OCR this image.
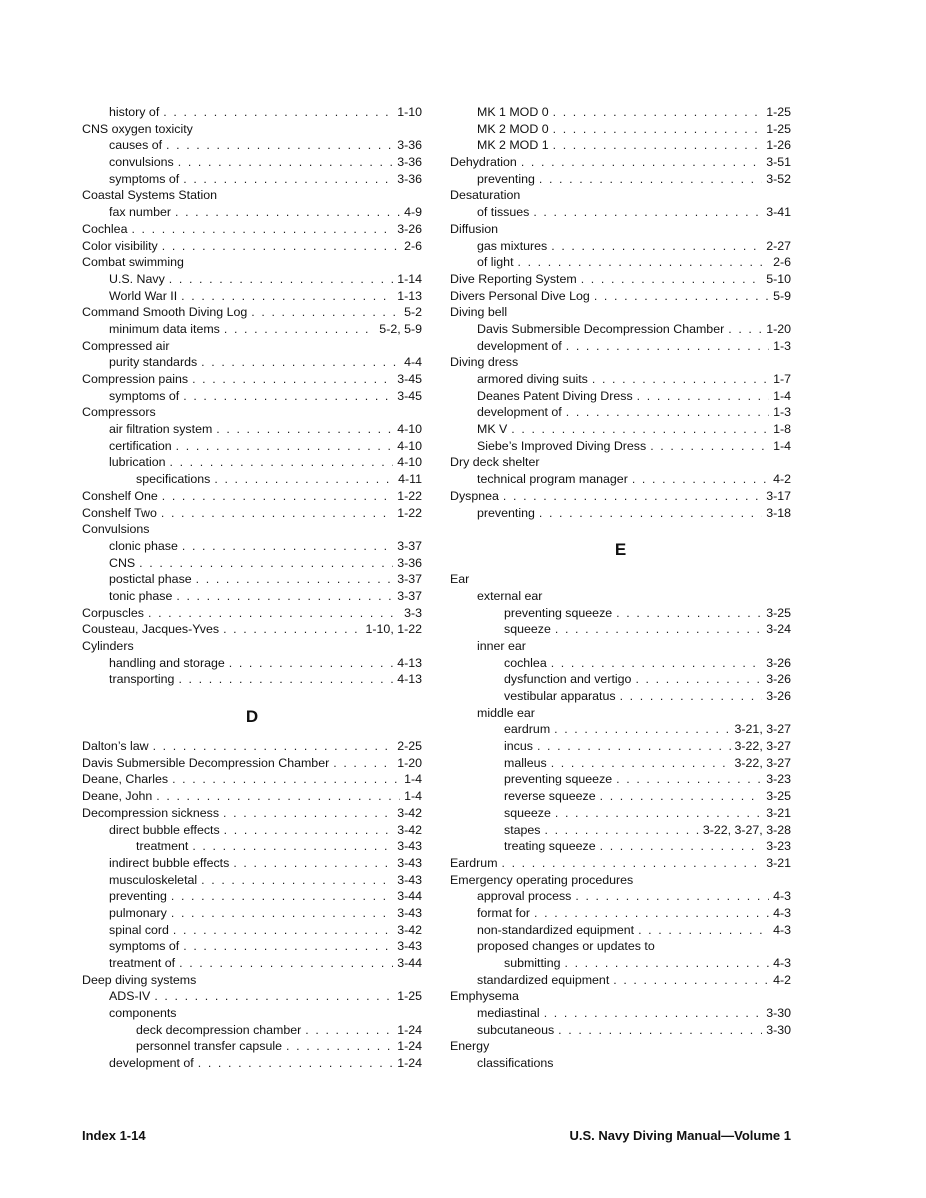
history of . . .	1-10
CNS oxygen toxicity
causes of . . .	3-36
convulsions . . .	3-36
symptoms of . . .	3-36
Coastal Systems Station
fax number . . .	4-9
Cochlea . . .	3-26
Color visibility . . .	2-6
Combat swimming
U.S. Navy . . .	1-14
World War II . . .	1-13
Command Smooth Diving Log . . .	5-2
minimum data items . . .	5-2, 5-9
Compressed air
purity standards . . .	4-4
Compression pains . . .	3-45
symptoms of . . .	3-45
Compressors
air filtration system . . .	4-10
certification . . .	4-10
lubrication . . .	4-10
specifications . . .	4-11
Conshelf One . . .	1-22
Conshelf Two . . .	1-22
Convulsions
clonic phase . . .	3-37
CNS . . .	3-36
postictal phase . . .	3-37
tonic phase . . .	3-37
Corpuscles . . .	3-3
Cousteau, Jacques-Yves . . .	1-10, 1-22
Cylinders
handling and storage . . .	4-13
transporting . . .	4-13
D
Dalton’s law . . .	2-25
Davis Submersible Decompression Chamber . . .	1-20
Deane, Charles . . .	1-4
Deane, John . . .	1-4
Decompression sickness . . .	3-42
direct bubble effects . . .	3-42
treatment . . .	3-43
indirect bubble effects . . .	3-43
musculoskeletal . . .	3-43
preventing . . .	3-44
pulmonary . . .	3-43
spinal cord . . .	3-42
symptoms of . . .	3-43
treatment of . . .	3-44
Deep diving systems
ADS-IV . . .	1-25
components
deck decompression chamber . . .	1-24
personnel transfer capsule . . .	1-24
development of . . .	1-24
MK 1 MOD 0 . . .	1-25
MK 2 MOD 0 . . .	1-25
MK 2 MOD 1 . . .	1-26
Dehydration . . .	3-51
preventing . . .	3-52
Desaturation
of tissues . . .	3-41
Diffusion
gas mixtures . . .	2-27
of light . . .	2-6
Dive Reporting System . . .	5-10
Divers Personal Dive Log . . .	5-9
Diving bell
Davis Submersible Decompression Chamber . . .	1-20
development of . . .	1-3
Diving dress
armored diving suits . . .	1-7
Deanes Patent Diving Dress . . .	1-4
development of . . .	1-3
MK V . . .	1-8
Siebe’s Improved Diving Dress . . .	1-4
Dry deck shelter
technical program manager . . .	4-2
Dyspnea . . .	3-17
preventing . . .	3-18
E
Ear
external ear
preventing squeeze . . .	3-25
squeeze . . .	3-24
inner ear
cochlea . . .	3-26
dysfunction and vertigo . . .	3-26
vestibular apparatus . . .	3-26
middle ear
eardrum . . .	3-21, 3-27
incus . . .	3-22, 3-27
malleus . . .	3-22, 3-27
preventing squeeze . . .	3-23
reverse squeeze . . .	3-25
squeeze . . .	3-21
stapes . . .	3-22, 3-27, 3-28
treating squeeze . . .	3-23
Eardrum . . .	3-21
Emergency operating procedures
approval process . . .	4-3
format for . . .	4-3
non-standardized equipment . . .	4-3
proposed changes or updates to
submitting . . .	4-3
standardized equipment . . .	4-2
Emphysema
mediastinal . . .	3-30
subcutaneous . . .	3-30
Energy
classifications
Index 1-14	U.S. Navy Diving Manual—Volume 1
